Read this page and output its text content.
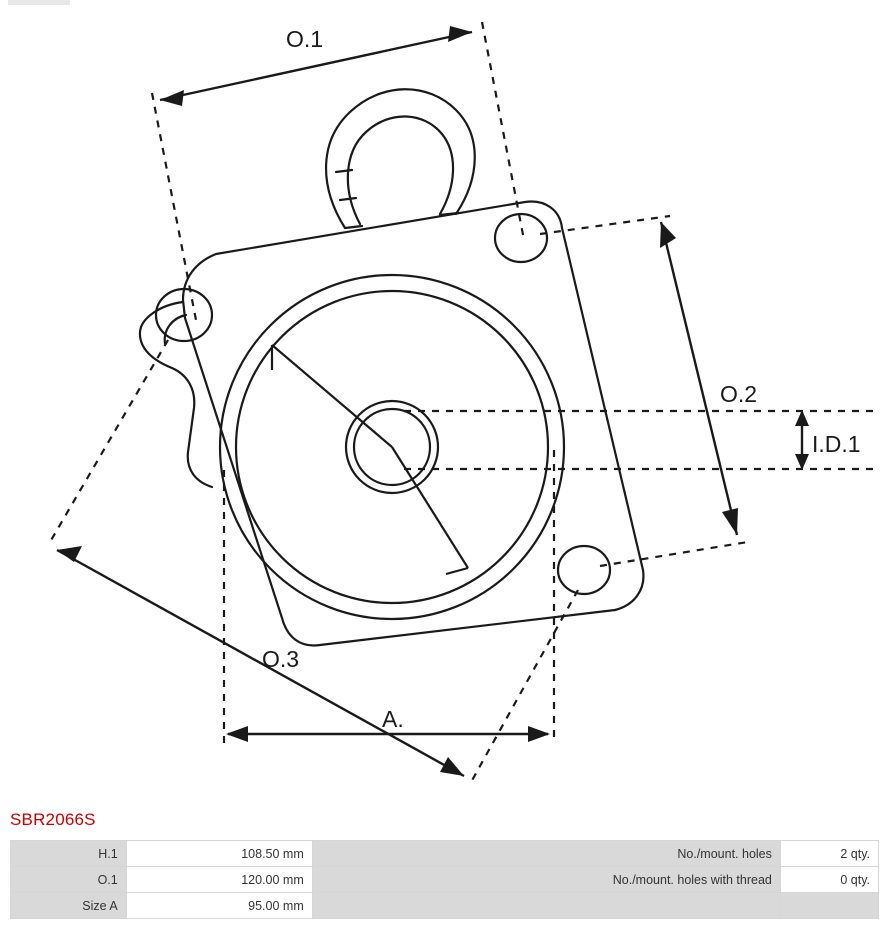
O.1
O.2
I.D.1
O.3
A.
SBR2066S
H.1	108.50 mm	No./mount. holes	2 qty.
O.1	120.00 mm	No./mount. holes with thread	0 qty.
Size A	95.00 mm		
